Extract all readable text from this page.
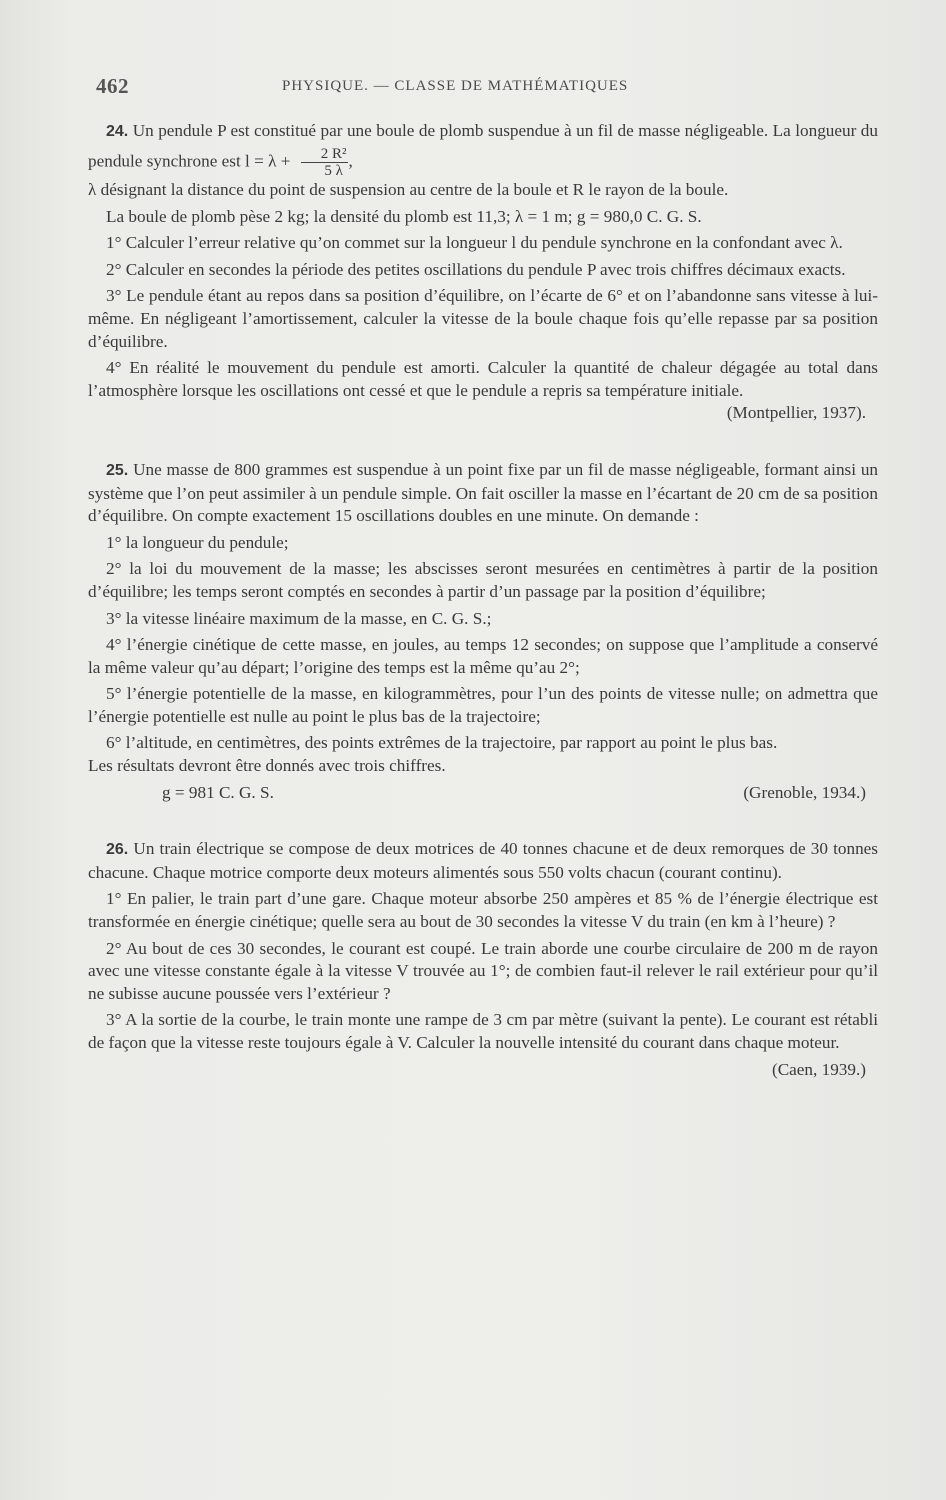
462	PHYSIQUE. — CLASSE DE MATHÉMATIQUES

24. Un pendule P est constitué par une boule de plomb suspendue à un fil de masse négligeable. La longueur du pendule synchrone est $l = \lambda + \frac{\text{2 R²}}{5 \lambda}$ ,

λ désignant la distance du point de suspension au centre de la boule et R le rayon de la boule.

La boule de plomb pèse 2 kg; la densité du plomb est 11,3; λ = 1 m; g = 980,0 C. G. S.

1° Calculer l’erreur relative qu’on commet sur la longueur l du pendule synchrone en la confondant avec λ.

2° Calculer en secondes la période des petites oscillations du pendule P avec trois chiffres décimaux exacts.

3° Le pendule étant au repos dans sa position d’équilibre, on l’écarte de 6° et on l’abandonne sans vitesse à lui-même. En négligeant l’amortissement, calculer la vitesse de la boule chaque fois qu’elle repasse par sa position d’équilibre.

4° En réalité le mouvement du pendule est amorti. Calculer la quantité de chaleur dégagée au total dans l’atmosphère lorsque les oscillations ont cessé et que le pendule a repris sa température initiale.

(Montpellier, 1937).

25. Une masse de 800 grammes est suspendue à un point fixe par un fil de masse négligeable, formant ainsi un système que l’on peut assimiler à un pendule simple. On fait osciller la masse en l’écartant de 20 cm de sa position d’équilibre. On compte exactement 15 oscillations doubles en une minute. On demande :

1° la longueur du pendule;

2° la loi du mouvement de la masse; les abscisses seront mesurées en centimètres à partir de la position d’équilibre; les temps seront comptés en secondes à partir d’un passage par la position d’équilibre;

3° la vitesse linéaire maximum de la masse, en C. G. S.;

4° l’énergie cinétique de cette masse, en joules, au temps 12 secondes; on suppose que l’amplitude a conservé la même valeur qu’au départ; l’origine des temps est la même qu’au 2°;

5° l’énergie potentielle de la masse, en kilogrammètres, pour l’un des points de vitesse nulle; on admettra que l’énergie potentielle est nulle au point le plus bas de la trajectoire;

6° l’altitude, en centimètres, des points extrêmes de la trajectoire, par rapport au point le plus bas.

Les résultats devront être donnés avec trois chiffres.

g = 981 C. G. S.	(Grenoble, 1934.)

26. Un train électrique se compose de deux motrices de 40 tonnes chacune et de deux remorques de 30 tonnes chacune. Chaque motrice comporte deux moteurs alimentés sous 550 volts chacun (courant continu).

1° En palier, le train part d’une gare. Chaque moteur absorbe 250 ampères et 85 % de l’énergie électrique est transformée en énergie cinétique; quelle sera au bout de 30 secondes la vitesse V du train (en km à l’heure) ?

2° Au bout de ces 30 secondes, le courant est coupé. Le train aborde une courbe circulaire de 200 m de rayon avec une vitesse constante égale à la vitesse V trouvée au 1°; de combien faut-il relever le rail extérieur pour qu’il ne subisse aucune poussée vers l’extérieur ?

3° A la sortie de la courbe, le train monte une rampe de 3 cm par mètre (suivant la pente). Le courant est rétabli de façon que la vitesse reste toujours égale à V. Calculer la nouvelle intensité du courant dans chaque moteur.

(Caen, 1939.)
